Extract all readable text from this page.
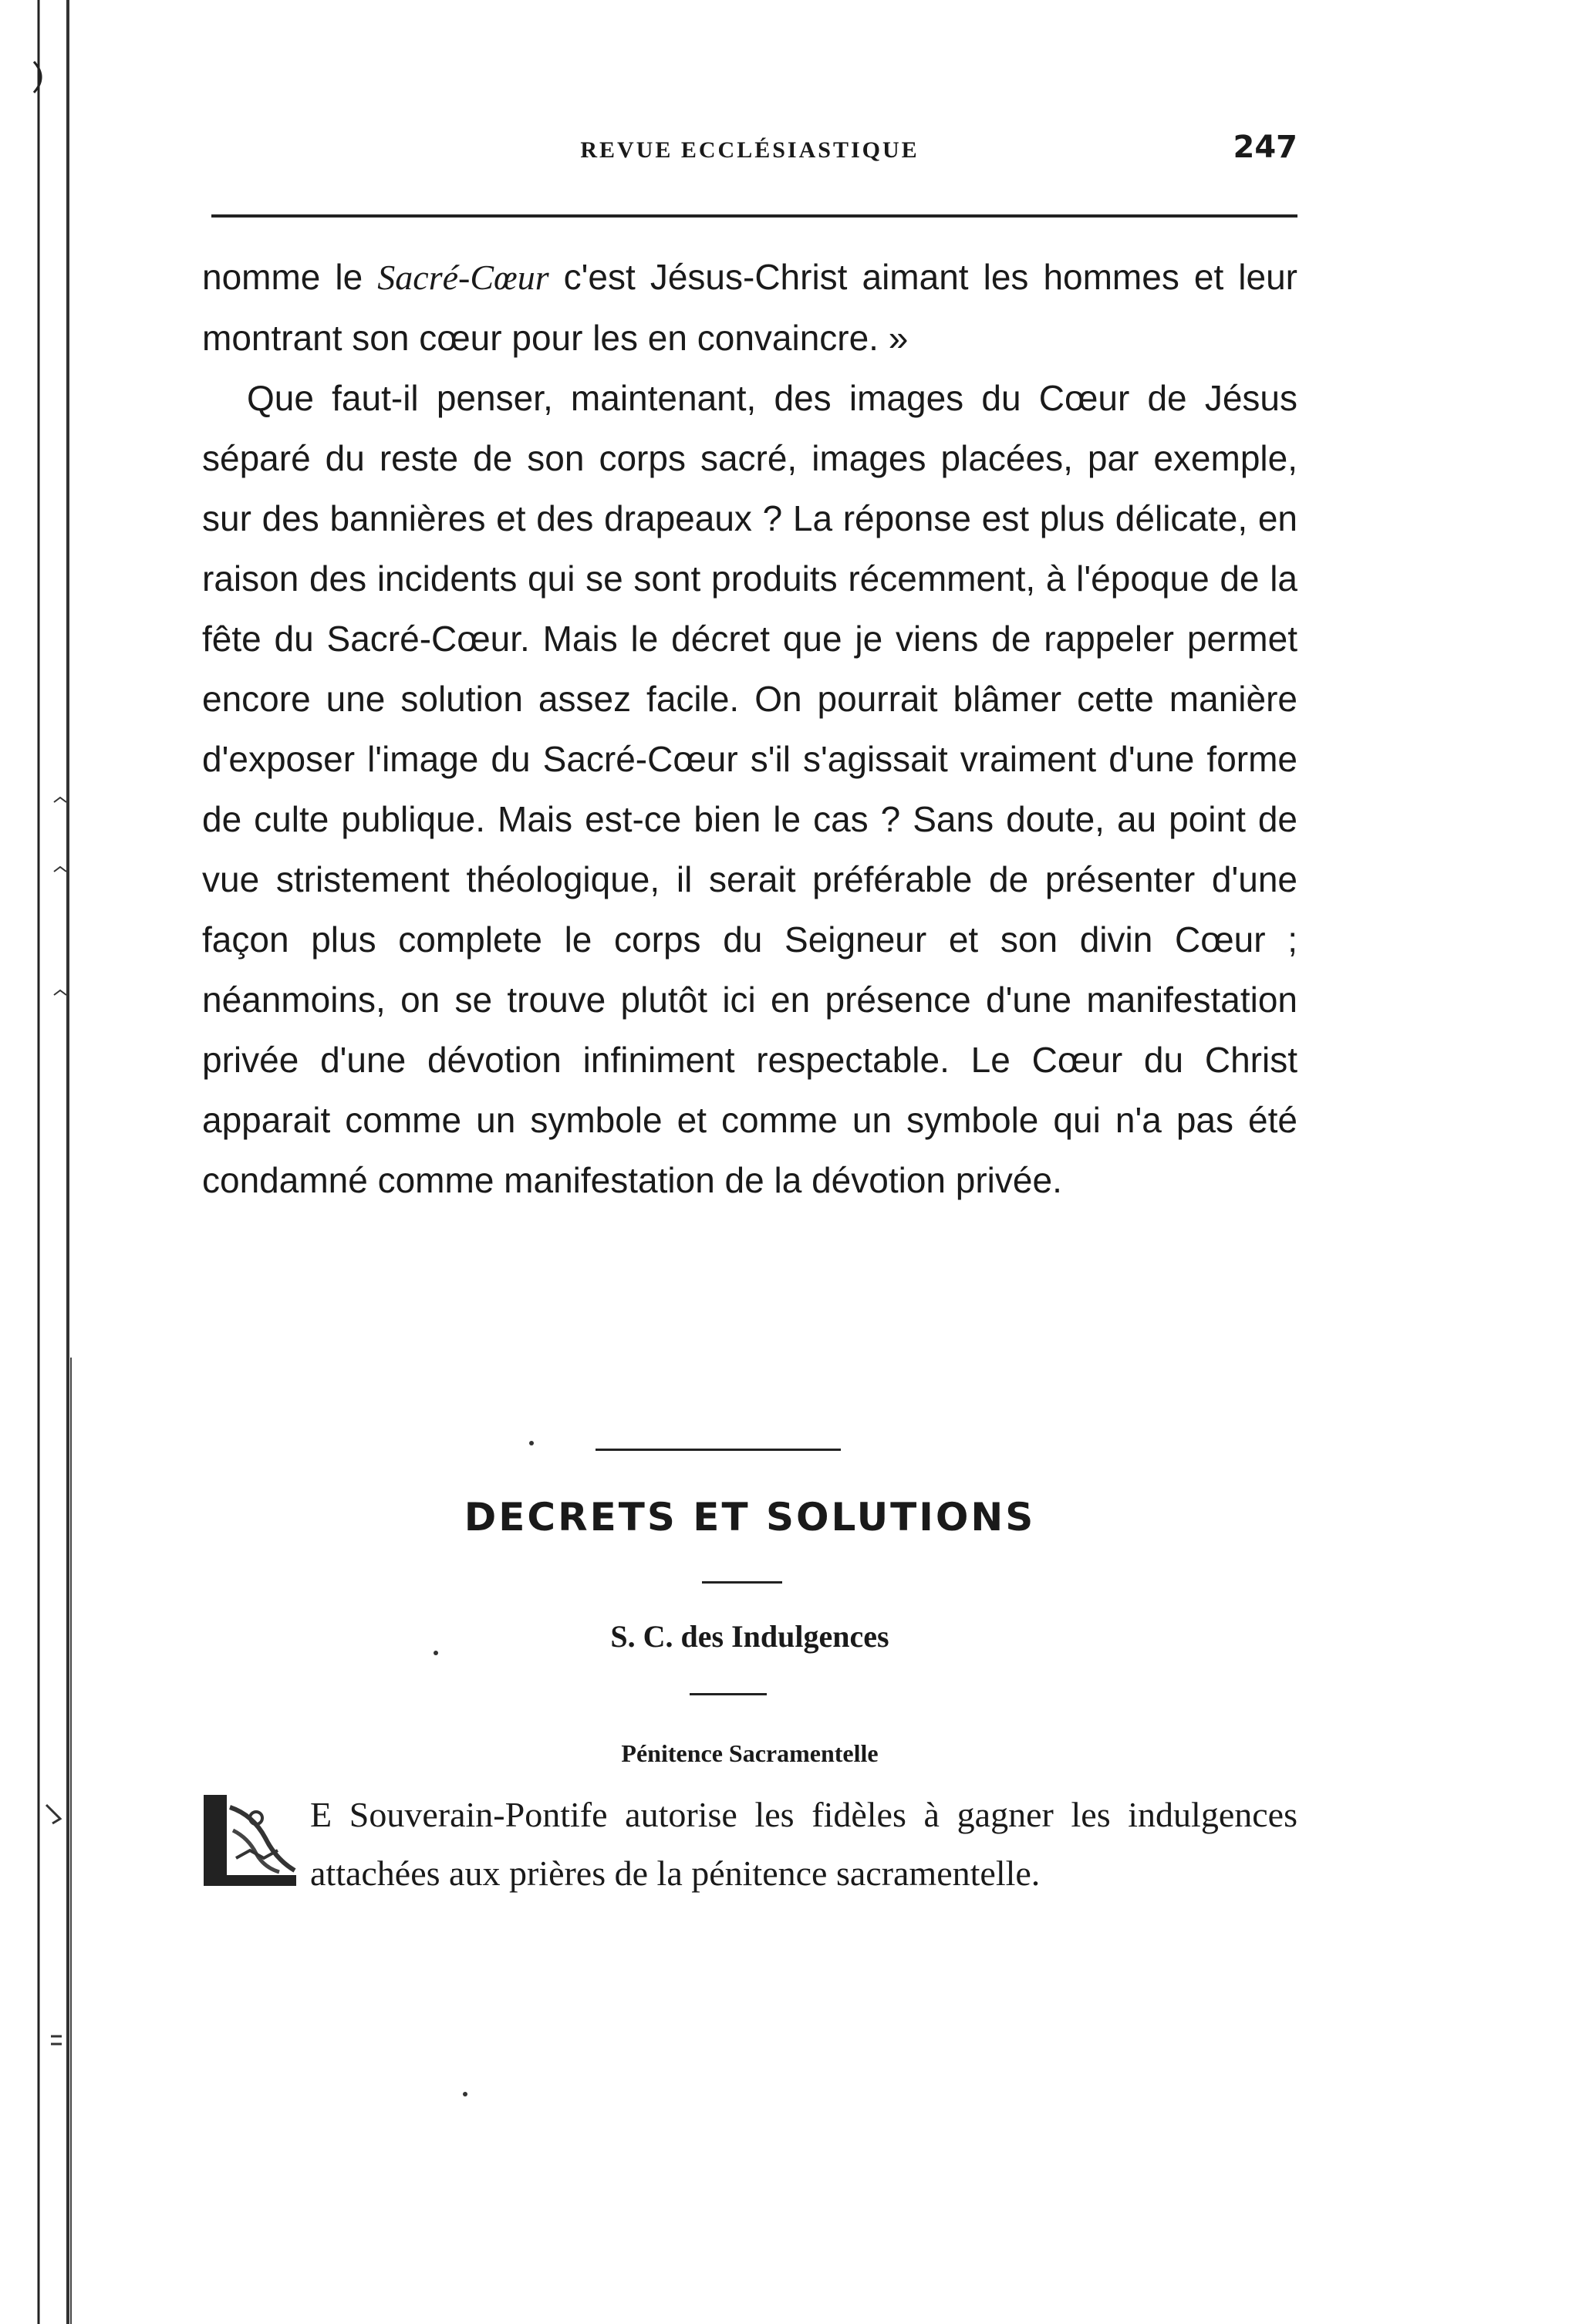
REVUE ECCLÉSIASTIQUE	247

nomme le Sacré-Cœur c'est Jésus-Christ aimant les hommes et leur montrant son cœur pour les en convaincre. »

Que faut-il penser, maintenant, des images du Cœur de Jésus séparé du reste de son corps sacré, images placées, par exemple, sur des bannières et des drapeaux ? La réponse est plus délicate, en raison des incidents qui se sont produits récemment, à l'époque de la fête du Sacré-Cœur. Mais le décret que je viens de rappeler permet encore une solution assez facile. On pourrait blâmer cette manière d'exposer l'image du Sacré-Cœur s'il s'agissait vraiment d'une forme de culte publique. Mais est-ce bien le cas ? Sans doute, au point de vue stristement théologique, il serait préférable de présenter d'une façon plus complete le corps du Seigneur et son divin Cœur ; néanmoins, on se trouve plutôt ici en présence d'une manifestation privée d'une dévotion infiniment respectable. Le Cœur du Christ apparait comme un symbole et comme un symbole qui n'a pas été condamné comme manifestation de la dévotion privée.

DECRETS ET SOLUTIONS
S. C. des Indulgences
Pénitence Sacramentelle

E Souverain-Pontife autorise les fidèles à gagner les indulgences attachées aux prières de la pénitence sacramentelle.
